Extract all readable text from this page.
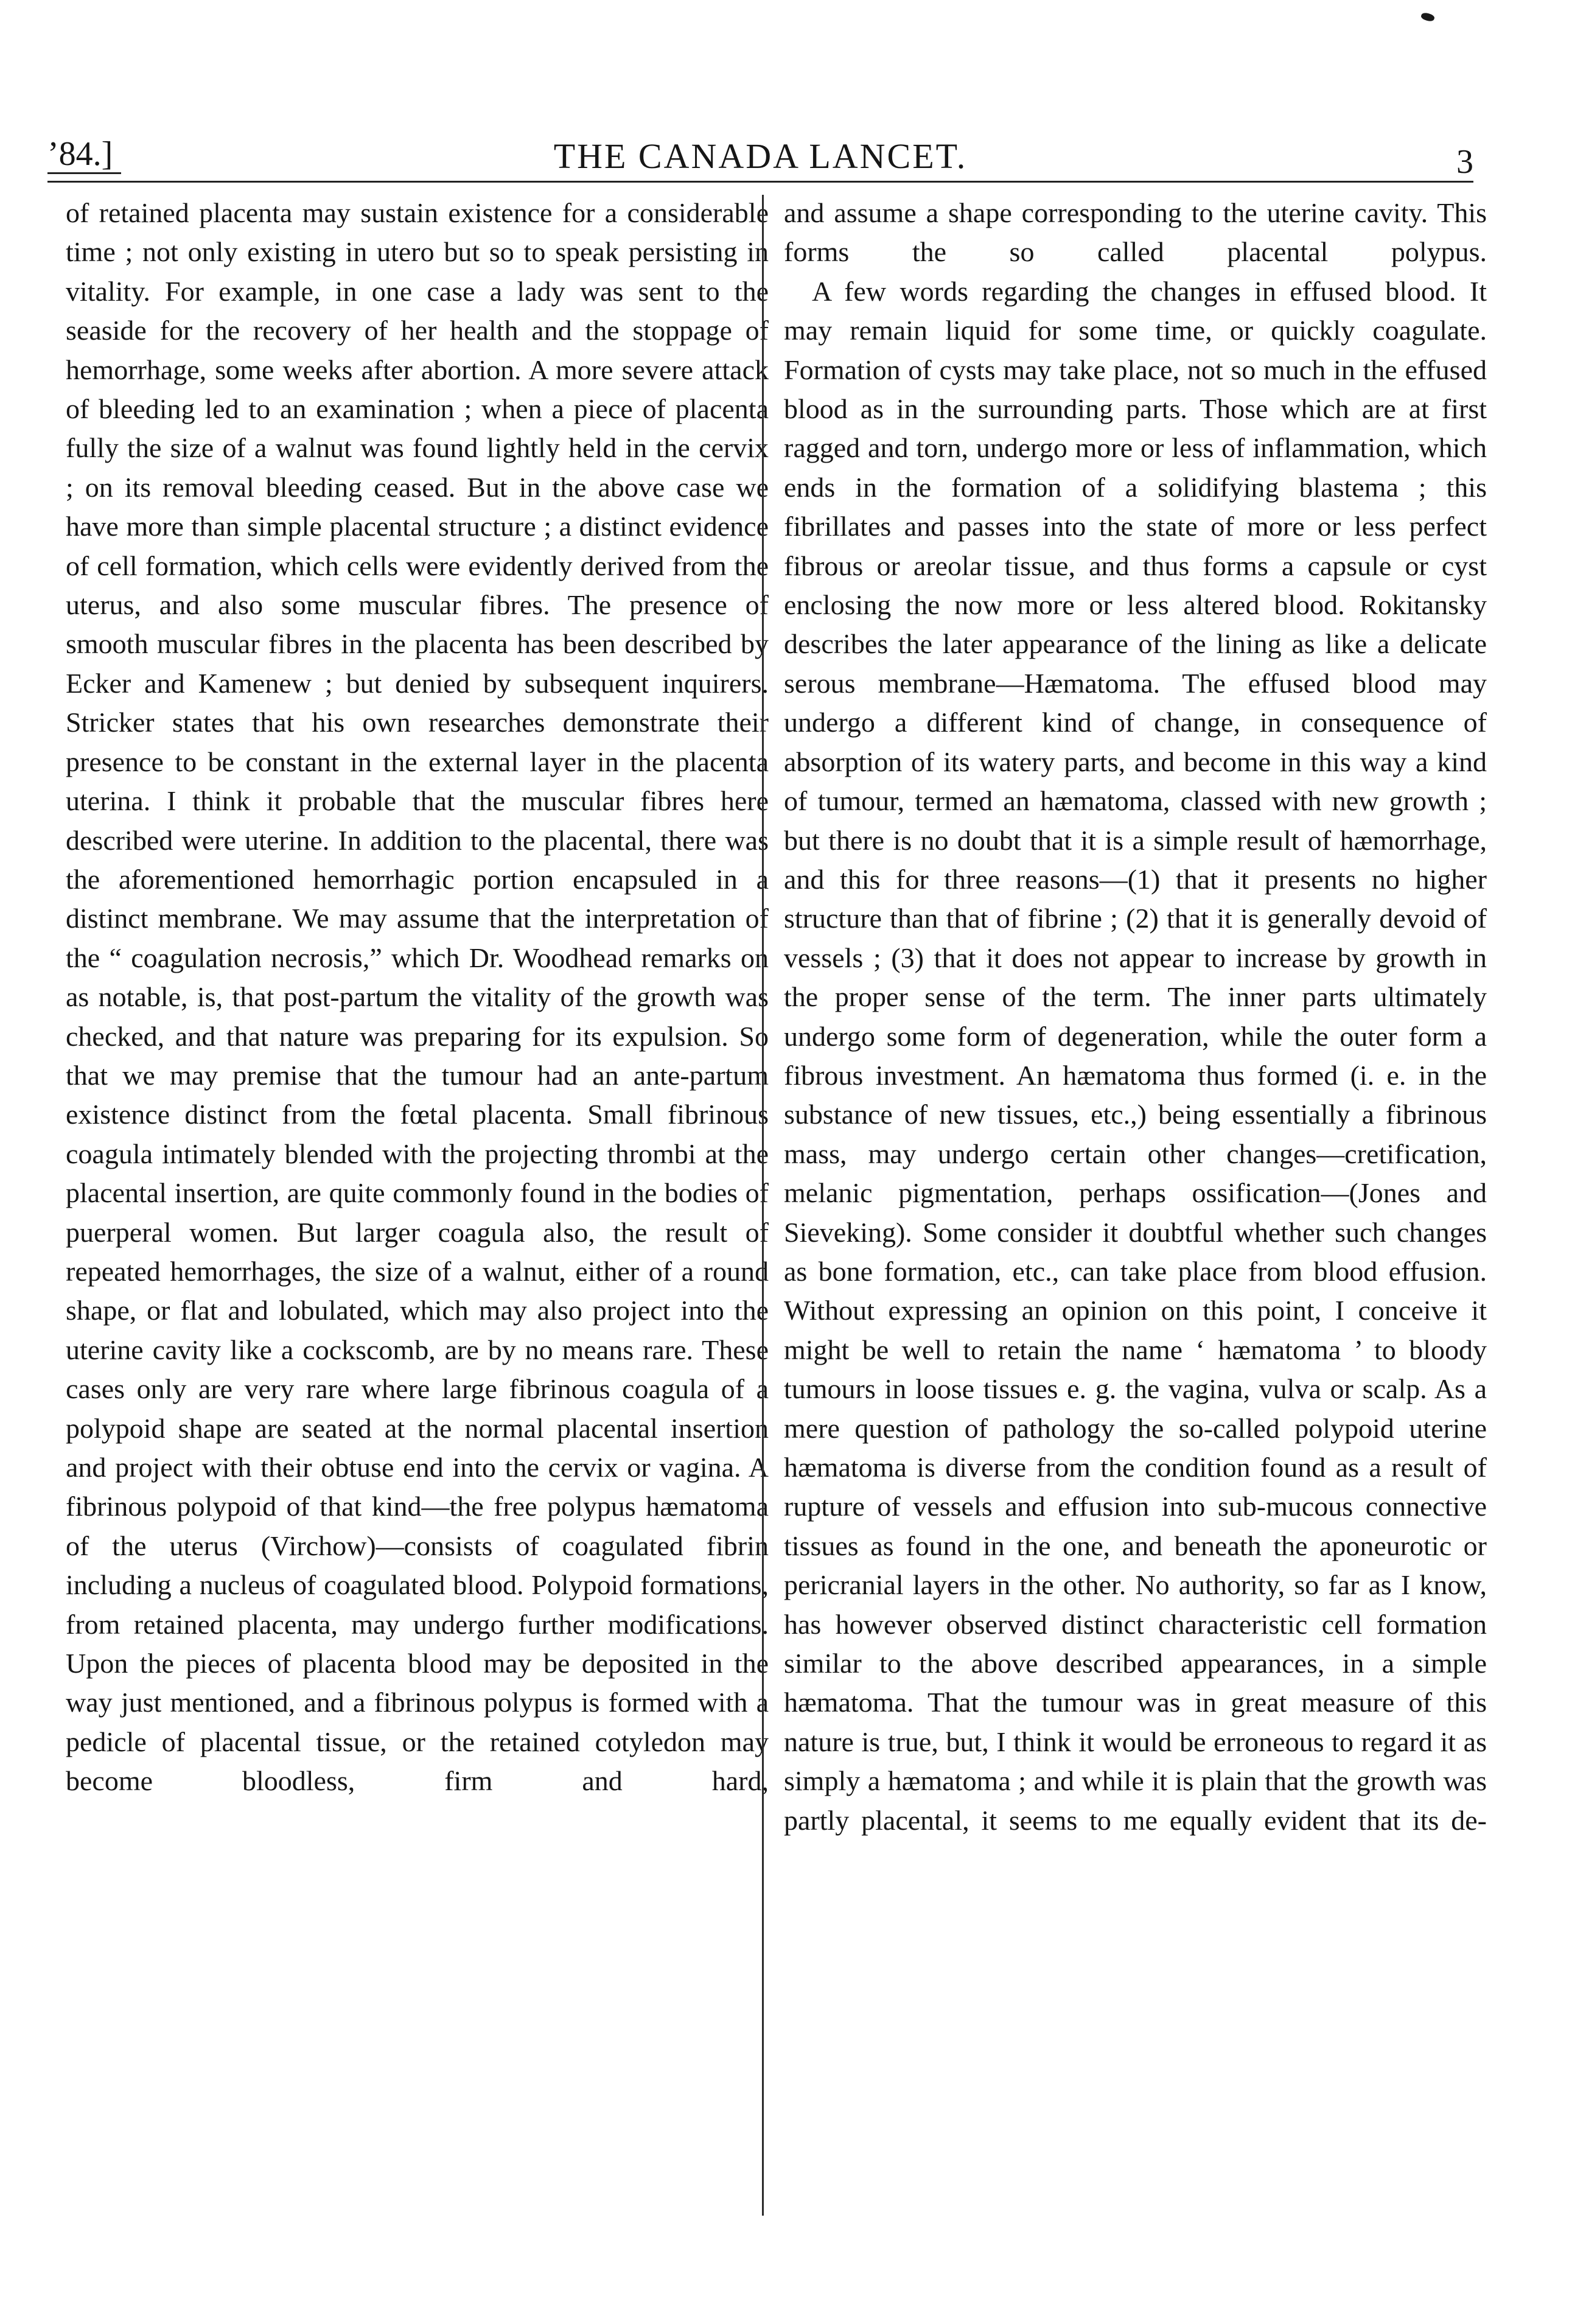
’84.]	THE CANADA LANCET.	3

of retained placenta may sustain existence for a considerable time ; not only existing in utero but so to speak persisting in vitality. For example, in one case a lady was sent to the seaside for the recovery of her health and the stoppage of hemorrhage, some weeks after abortion. A more severe attack of bleeding led to an examination ; when a piece of placenta fully the size of a walnut was found lightly held in the cervix ; on its removal bleeding ceased. But in the above case we have more than simple placental structure ; a distinct evidence of cell formation, which cells were evidently derived from the uterus, and also some muscular fibres. The presence of smooth muscular fibres in the placenta has been described by Ecker and Kamenew ; but denied by subsequent inquirers. Stricker states that his own researches demonstrate their presence to be constant in the external layer in the placenta uterina. I think it probable that the muscular fibres here described were uterine. In addition to the placental, there was the aforementioned hemorrhagic portion encapsuled in a distinct membrane. We may assume that the interpretation of the “ coagulation necrosis,” which Dr. Woodhead remarks on as notable, is, that post-partum the vitality of the growth was checked, and that nature was preparing for its expulsion. So that we may premise that the tumour had an ante-partum existence distinct from the fœtal placenta. Small fibrinous coagula intimately blended with the projecting thrombi at the placental insertion, are quite commonly found in the bodies of puerperal women. But larger coagula also, the result of repeated hemorrhages, the size of a walnut, either of a round shape, or flat and lobulated, which may also project into the uterine cavity like a cockscomb, are by no means rare. These cases only are very rare where large fibrinous coagula of a polypoid shape are seated at the normal placental insertion and project with their obtuse end into the cervix or vagina. A fibrinous polypoid of that kind—the free polypus hæmatoma of the uterus (Virchow)—consists of coagulated fibrin including a nucleus of coagulated blood. Polypoid formations, from retained placenta, may undergo further modifications. Upon the pieces of placenta blood may be deposited in the way just mentioned, and a fibrinous polypus is formed with a pedicle of placental tissue, or the retained cotyledon may become bloodless, firm and hard,

and assume a shape corresponding to the uterine cavity. This forms the so called placental polypus.

A few words regarding the changes in effused blood. It may remain liquid for some time, or quickly coagulate. Formation of cysts may take place, not so much in the effused blood as in the surrounding parts. Those which are at first ragged and torn, undergo more or less of inflammation, which ends in the formation of a solidifying blastema ; this fibrillates and passes into the state of more or less perfect fibrous or areolar tissue, and thus forms a capsule or cyst enclosing the now more or less altered blood. Rokitansky describes the later appearance of the lining as like a delicate serous membrane—Hæmatoma. The effused blood may undergo a different kind of change, in consequence of absorption of its watery parts, and become in this way a kind of tumour, termed an hæmatoma, classed with new growth ; but there is no doubt that it is a simple result of hæmorrhage, and this for three reasons—(1) that it presents no higher structure than that of fibrine ; (2) that it is generally devoid of vessels ; (3) that it does not appear to increase by growth in the proper sense of the term. The inner parts ultimately undergo some form of degeneration, while the outer form a fibrous investment. An hæmatoma thus formed (i. e. in the substance of new tissues, etc.,) being essentially a fibrinous mass, may undergo certain other changes—cretification, melanic pigmentation, perhaps ossification—(Jones and Sieveking). Some consider it doubtful whether such changes as bone formation, etc., can take place from blood effusion. Without expressing an opinion on this point, I conceive it might be well to retain the name ‘ hæmatoma ’ to bloody tumours in loose tissues e. g. the vagina, vulva or scalp. As a mere question of pathology the so-called polypoid uterine hæmatoma is diverse from the condition found as a result of rupture of vessels and effusion into sub-mucous connective tissues as found in the one, and beneath the aponeurotic or pericranial layers in the other. No authority, so far as I know, has however observed distinct characteristic cell formation similar to the above described appearances, in a simple hæmatoma. That the tumour was in great measure of this nature is true, but, I think it would be erroneous to regard it as simply a hæmatoma ; and while it is plain that the growth was partly placental, it seems to me equally evident that its de-
